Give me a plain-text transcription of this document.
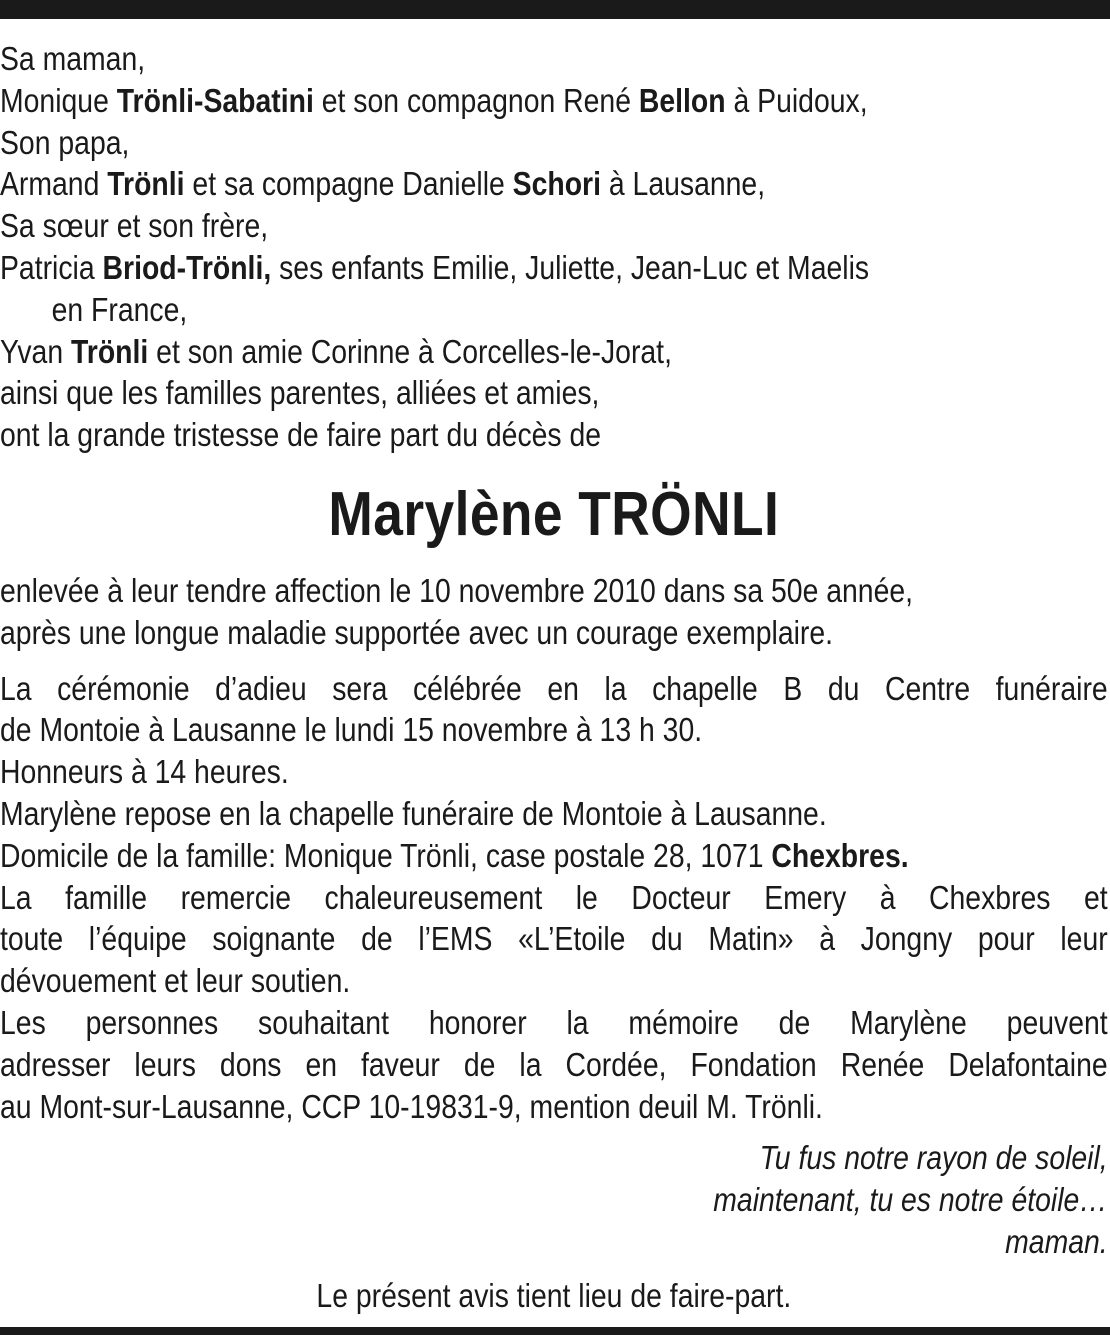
Sa maman,
Monique Trönli-Sabatini et son compagnon René Bellon à Puidoux,
Son papa,
Armand Trönli et sa compagne Danielle Schori à Lausanne,
Sa sœur et son frère,
Patricia Briod-Trönli, ses enfants Emilie, Juliette, Jean-Luc et Maelis
en France,
Yvan Trönli et son amie Corinne à Corcelles-le-Jorat,
ainsi que les familles parentes, alliées et amies,
ont la grande tristesse de faire part du décès de
Marylène TRÖNLI
enlevée à leur tendre affection le 10 novembre 2010 dans sa 50e année,
après une longue maladie supportée avec un courage exemplaire.
La cérémonie d’adieu sera célébrée en la chapelle B du Centre funéraire
de Montoie à Lausanne le lundi 15 novembre à 13 h 30.
Honneurs à 14 heures.
Marylène repose en la chapelle funéraire de Montoie à Lausanne.
Domicile de la famille: Monique Trönli, case postale 28, 1071 Chexbres.
La famille remercie chaleureusement le Docteur Emery à Chexbres et
toute l’équipe soignante de l’EMS «L’Etoile du Matin» à Jongny pour leur
dévouement et leur soutien.
Les personnes souhaitant honorer la mémoire de Marylène peuvent
adresser leurs dons en faveur de la Cordée, Fondation Renée Delafontaine
au Mont-sur-Lausanne, CCP 10-19831-9, mention deuil M. Trönli.
Tu fus notre rayon de soleil,
maintenant, tu es notre étoile…
maman.
Le présent avis tient lieu de faire-part.
